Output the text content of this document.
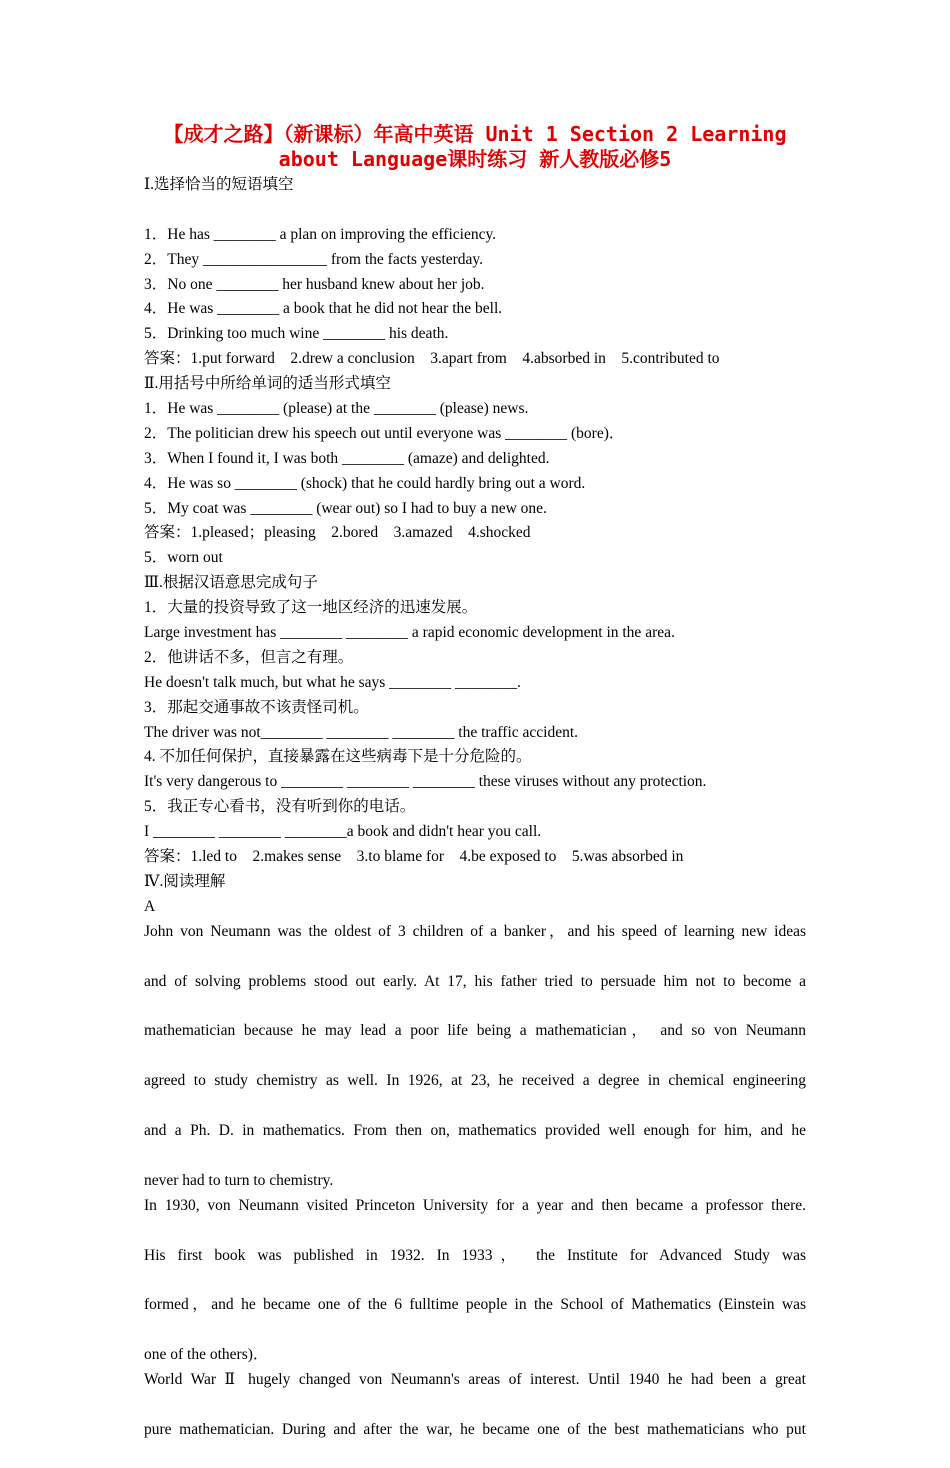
【成才之路】（新课标）年高中英语 Unit 1 Section 2 Learning
about Language课时练习 新人教版必修5
Ⅰ.选择恰当的短语填空
1．He has ________ a plan on improving the efficiency.
2．They ________________ from the facts yesterday.
3．No one ________ her husband knew about her job.
4．He was ________ a book that he did not hear the bell.
5．Drinking too much wine ________ his death.
答案：1.put forward　2.drew a conclusion　3.apart from　4.absorbed in　5.contributed to
Ⅱ.用括号中所给单词的适当形式填空
1．He was ________ (please) at the ________ (please) news.
2．The politician drew his speech out until everyone was ________ (bore)．
3．When I found it, I was both ________ (amaze) and delighted.
4．He was so ________ (shock) that he could hardly bring out a word.
5．My coat was ________ (wear out) so I had to buy a new one.
答案：1.pleased；pleasing　2.bored　3.amazed　4.shocked
5．worn out
Ⅲ.根据汉语意思完成句子
1．大量的投资导致了这一地区经济的迅速发展。
Large investment has ________ ________ a rapid economic development in the area.
2．他讲话不多，但言之有理。
He doesn't talk much, but what he says ________ ________.
3．那起交通事故不该责怪司机。
The driver was not________ ________ ________ the traffic accident.
4. 不加任何保护，直接暴露在这些病毒下是十分危险的。
It's very dangerous to ________ ________ ________ these viruses without any protection.
5．我正专心看书，没有听到你的电话。
I ________ ________ ________a book and didn't hear you call.
答案：1.led to　2.makes sense　3.to blame for　4.be exposed to　5.was absorbed in
Ⅳ.阅读理解
A
John von Neumann was the oldest of 3 children of a banker，and his speed of learning new ideas
and of solving problems stood out early. At 17, his father tried to persuade him not to become a
mathematician because he may lead a poor life being a mathematician， and so von Neumann
agreed to study chemistry as well. In 1926, at 23, he received a degree in chemical engineering
and a Ph. D. in mathematics. From then on, mathematics provided well enough for him, and he
never had to turn to chemistry.
In 1930, von Neumann visited Princeton University for a year and then became a professor there.
His first book was published in 1932. In 1933， the Institute for Advanced Study was
formed，and he became one of the 6 fulltime people in the School of Mathematics (Einstein was
one of the others)．
World War Ⅱ hugely changed von Neumann's areas of interest. Until 1940 he had been a great
pure mathematician. During and after the war, he became one of the best mathematicians who put
